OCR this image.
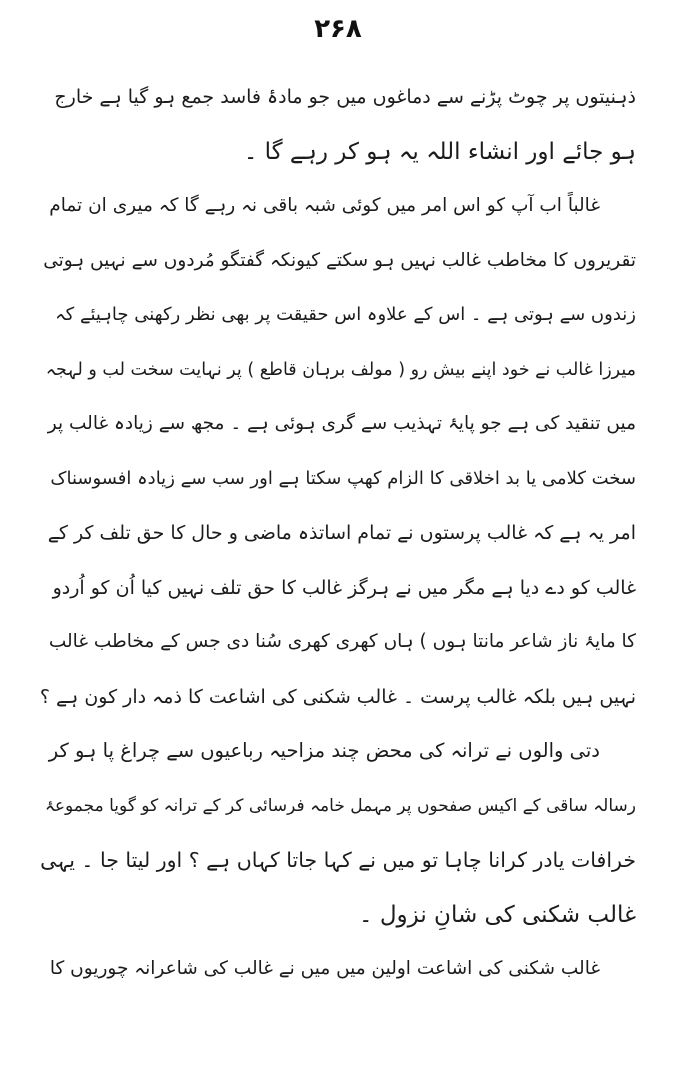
۲۶۸
ذہنیتوں پر چوٹ پڑنے سے دماغوں میں جو مادۂ فاسد جمع ہو گیا ہے خارج
ہو جائے اور انشاء اللہ یہ ہو کر رہے گا ۔
غالباً اب آپ کو اس امر میں کوئی شبہ باقی نہ رہے گا کہ میری ان تمام
تقریروں کا مخاطب غالب نہیں ہو سکتے کیونکہ گفتگو مُردوں سے نہیں ہوتی
زندوں سے ہوتی ہے ۔ اس کے علاوہ اس حقیقت پر بھی نظر رکھنی چاہیئے کہ
میرزا غالب نے خود اپنے بیش رو ( مولف برہان قاطع ) پر نہایت سخت لب و لہجہ
میں تنقید کی ہے جو پایۂ تہذیب سے گری ہوئی ہے ۔ مجھ سے زیادہ غالب پر
سخت کلامی یا بد اخلاقی کا الزام کھپ سکتا ہے اور سب سے زیادہ افسوسناک
امر یہ ہے کہ غالب پرستوں نے تمام اساتذہ ماضی و حال کا حق تلف کر کے
غالب کو دے دیا ہے مگر میں نے ہرگز غالب کا حق تلف نہیں کیا اُن کو اُردو
کا مایۂ ناز شاعر مانتا ہوں ) ہاں کھری کھری سُنا دی جس کے مخاطب غالب
نہیں ہیں بلکہ غالب پرست ۔ غالب شکنی کی اشاعت کا ذمہ دار کون ہے ؟
دتی والوں نے ترانہ کی محض چند مزاحیہ رباعیوں سے چراغ پا ہو کر
رسالہ ساقی کے اکیس صفحوں پر مہمل خامہ فرسائی کر کے ترانہ کو گویا مجموعۂ
خرافات یادر کرانا چاہا تو میں نے کہا جاتا کہاں ہے ؟ اور لیتا جا ۔ یہی
غالب شکنی کی شانِ نزول ۔
غالب شکنی کی اشاعت اولین میں میں نے غالب کی شاعرانہ چوریوں کا
